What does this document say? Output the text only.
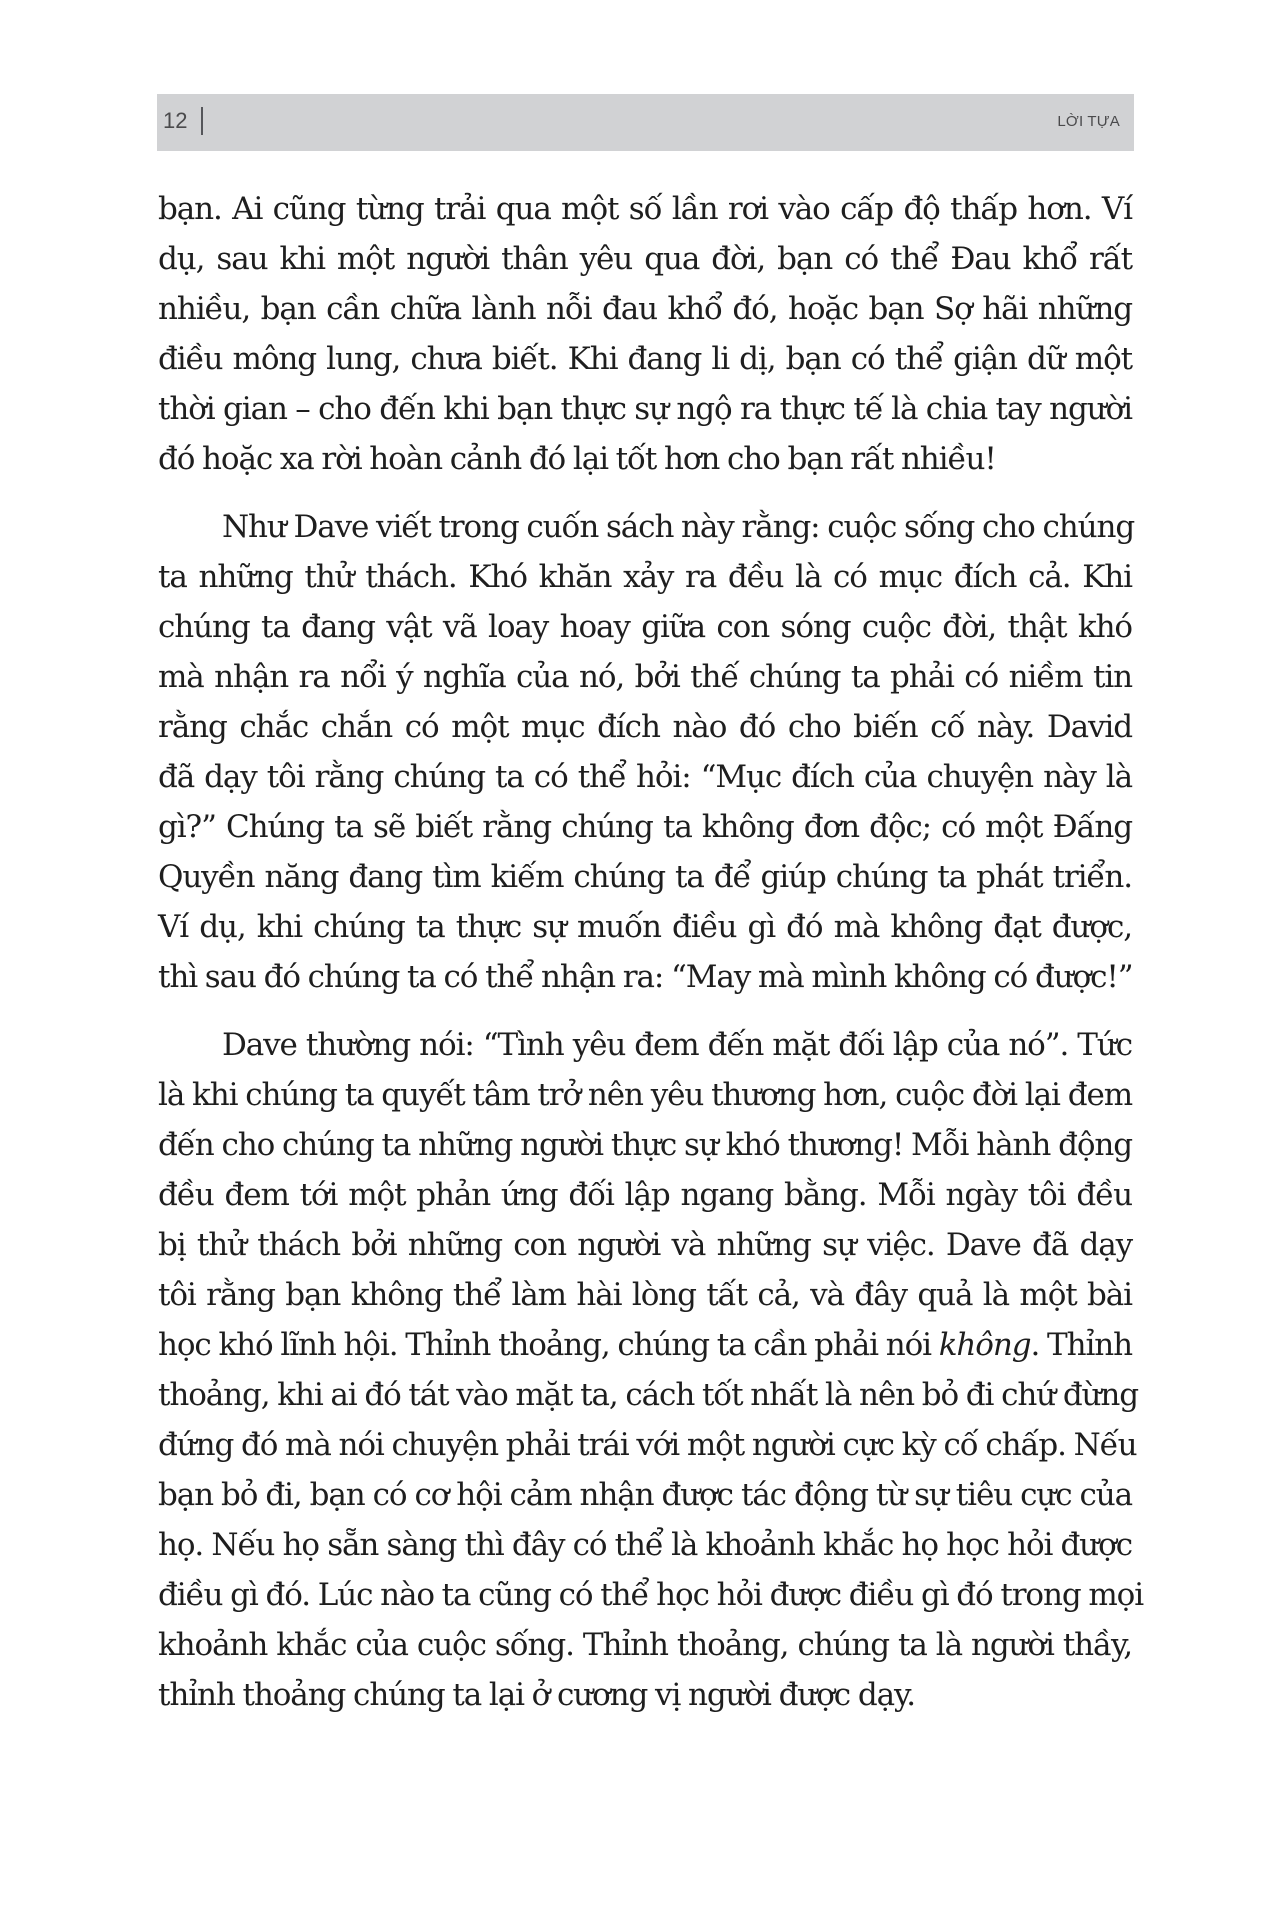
12	LỜI TỰA
bạn. Ai cũng từng trải qua một số lần rơi vào cấp độ thấp hơn. Ví
dụ, sau khi một người thân yêu qua đời, bạn có thể Đau khổ rất
nhiều, bạn cần chữa lành nỗi đau khổ đó, hoặc bạn Sợ hãi những
điều mông lung, chưa biết. Khi đang li dị, bạn có thể giận dữ một
thời gian – cho đến khi bạn thực sự ngộ ra thực tế là chia tay người
đó hoặc xa rời hoàn cảnh đó lại tốt hơn cho bạn rất nhiều!
Như Dave viết trong cuốn sách này rằng: cuộc sống cho chúng
ta những thử thách. Khó khăn xảy ra đều là có mục đích cả. Khi
chúng ta đang vật vã loay hoay giữa con sóng cuộc đời, thật khó
mà nhận ra nổi ý nghĩa của nó, bởi thế chúng ta phải có niềm tin
rằng chắc chắn có một mục đích nào đó cho biến cố này. David
đã dạy tôi rằng chúng ta có thể hỏi: “Mục đích của chuyện này là
gì?” Chúng ta sẽ biết rằng chúng ta không đơn độc; có một Đấng
Quyền năng đang tìm kiếm chúng ta để giúp chúng ta phát triển.
Ví dụ, khi chúng ta thực sự muốn điều gì đó mà không đạt được,
thì sau đó chúng ta có thể nhận ra: “May mà mình không có được!”
Dave thường nói: “Tình yêu đem đến mặt đối lập của nó”. Tức
là khi chúng ta quyết tâm trở nên yêu thương hơn, cuộc đời lại đem
đến cho chúng ta những người thực sự khó thương! Mỗi hành động
đều đem tới một phản ứng đối lập ngang bằng. Mỗi ngày tôi đều
bị thử thách bởi những con người và những sự việc. Dave đã dạy
tôi rằng bạn không thể làm hài lòng tất cả, và đây quả là một bài
học khó lĩnh hội. Thỉnh thoảng, chúng ta cần phải nói không. Thỉnh
thoảng, khi ai đó tát vào mặt ta, cách tốt nhất là nên bỏ đi chứ đừng
đứng đó mà nói chuyện phải trái với một người cực kỳ cố chấp. Nếu
bạn bỏ đi, bạn có cơ hội cảm nhận được tác động từ sự tiêu cực của
họ. Nếu họ sẵn sàng thì đây có thể là khoảnh khắc họ học hỏi được
điều gì đó. Lúc nào ta cũng có thể học hỏi được điều gì đó trong mọi
khoảnh khắc của cuộc sống. Thỉnh thoảng, chúng ta là người thầy,
thỉnh thoảng chúng ta lại ở cương vị người được dạy.
